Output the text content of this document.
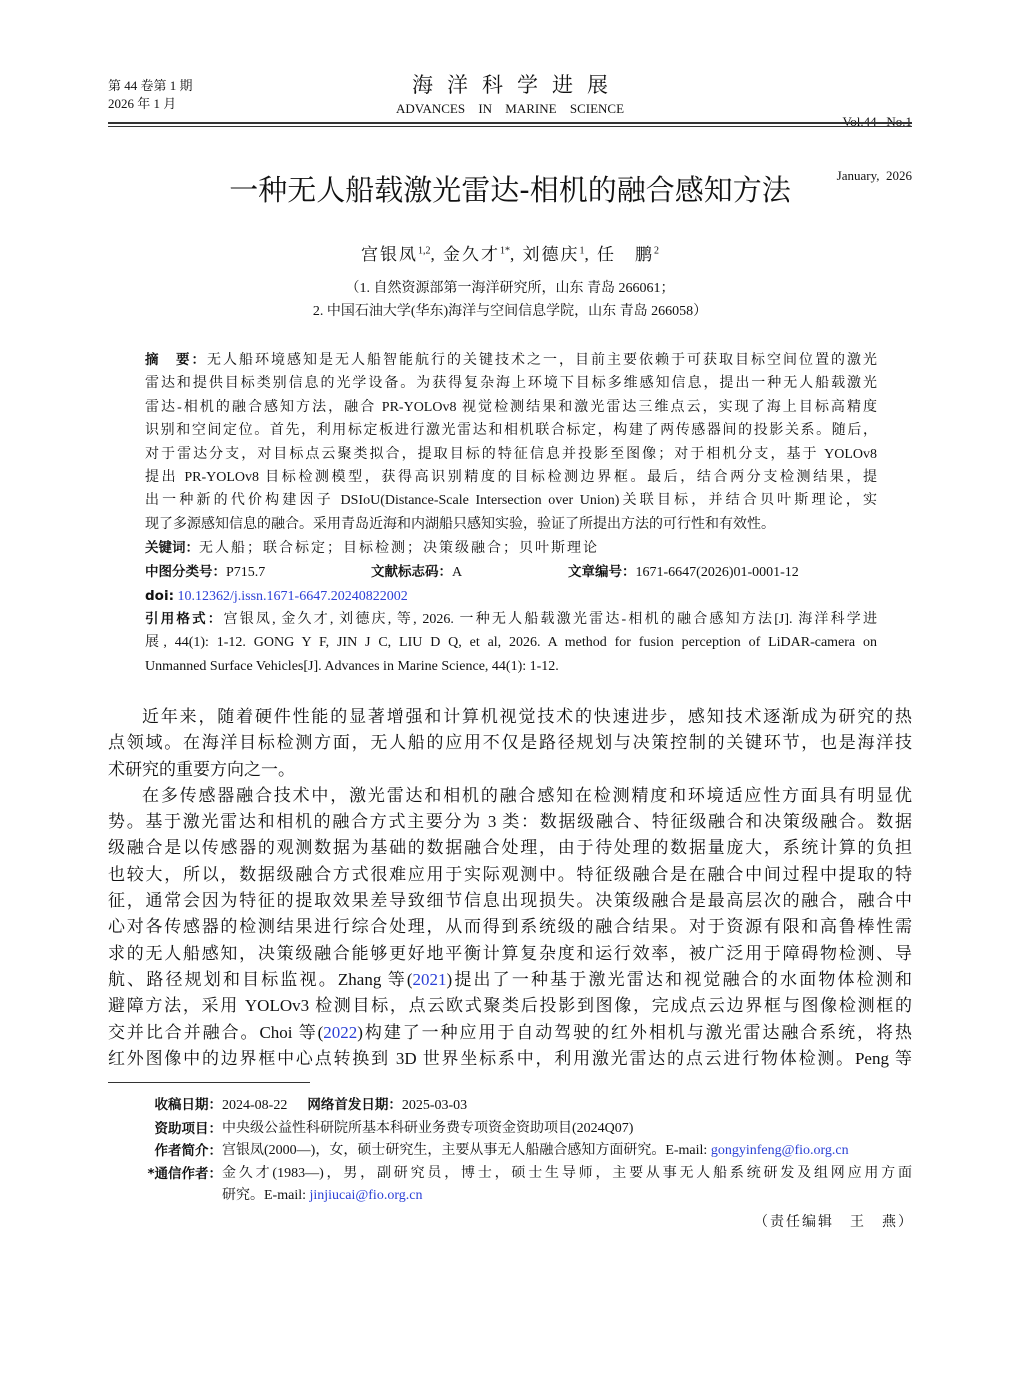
第 44 卷第 1 期
2026 年 1 月
海洋科学进展
ADVANCES IN MARINE SCIENCE

Vol.44   No.1

January,  2026

一种无人船载激光雷达-相机的融合感知方法
宫银凤$^{1,2}$, 金久才$^{1*}$, 刘德庆$^1$, 任　鹏$^2$
（1. 自然资源部第一海洋研究所，山东 青岛 266061；
2. 中国石油大学(华东)海洋与空间信息学院，山东 青岛 266058）
摘　要：无人船环境感知是无人船智能航行的关键技术之一，目前主要依赖于可获取目标空间位置的激光
雷达和提供目标类别信息的光学设备。为获得复杂海上环境下目标多维感知信息，提出一种无人船载激光
雷达-相机的融合感知方法，融合 PR-YOLOv8 视觉检测结果和激光雷达三维点云，实现了海上目标高精度
识别和空间定位。首先，利用标定板进行激光雷达和相机联合标定，构建了两传感器间的投影关系。随后，
对于雷达分支，对目标点云聚类拟合，提取目标的特征信息并投影至图像；对于相机分支，基于 YOLOv8
提出 PR-YOLOv8 目标检测模型，获得高识别精度的目标检测边界框。最后，结合两分支检测结果，提
出一种新的代价构建因子 DSIoU(Distance-Scale Intersection over Union)关联目标，并结合贝叶斯理论，实
现了多源感知信息的融合。采用青岛近海和内湖船只感知实验，验证了所提出方法的可行性和有效性。
关键词：无人船；联合标定；目标检测；决策级融合；贝叶斯理论
中图分类号：P715.7	文献标志码：A	文章编号：1671-6647(2026)01-0001-12
doi: 10.12362/j.issn.1671-6647.20240822002
引用格式：宫银凤, 金久才, 刘德庆, 等, 2026. 一种无人船载激光雷达-相机的融合感知方法[J]. 海洋科学进
展, 44(1): 1-12. GONG Y F, JIN J C, LIU D Q, et al, 2026. A method for fusion perception of LiDAR-camera on
Unmanned Surface Vehicles[J]. Advances in Marine Science, 44(1): 1-12.
近年来，随着硬件性能的显著增强和计算机视觉技术的快速进步，感知技术逐渐成为研究的热
点领域。在海洋目标检测方面，无人船的应用不仅是路径规划与决策控制的关键环节，也是海洋技
术研究的重要方向之一。
在多传感器融合技术中，激光雷达和相机的融合感知在检测精度和环境适应性方面具有明显优
势。基于激光雷达和相机的融合方式主要分为 3 类：数据级融合、特征级融合和决策级融合。数据
级融合是以传感器的观测数据为基础的数据融合处理，由于待处理的数据量庞大，系统计算的负担
也较大，所以，数据级融合方式很难应用于实际观测中。特征级融合是在融合中间过程中提取的特
征，通常会因为特征的提取效果差导致细节信息出现损失。决策级融合是最高层次的融合，融合中
心对各传感器的检测结果进行综合处理，从而得到系统级的融合结果。对于资源有限和高鲁棒性需
求的无人船感知，决策级融合能够更好地平衡计算复杂度和运行效率，被广泛用于障碍物检测、导
航、路径规划和目标监视。Zhang 等(2021)提出了一种基于激光雷达和视觉融合的水面物体检测和
避障方法，采用 YOLOv3 检测目标，点云欧式聚类后投影到图像，完成点云边界框与图像检测框的
交并比合并融合。Choi 等(2022)构建了一种应用于自动驾驶的红外相机与激光雷达融合系统，将热
红外图像中的边界框中心点转换到 3D 世界坐标系中，利用激光雷达的点云进行物体检测。Peng 等
收稿日期： 2024-08-22 网络首发日期：2025-03-03
资助项目： 中央级公益性科研院所基本科研业务费专项资金资助项目(2024Q07)
作者简介： 宫银凤(2000—)，女，硕士研究生，主要从事无人船融合感知方面研究。E-mail: gongyinfeng@fio.org.cn
*通信作者： 金久才(1983—)，男，副研究员，博士，硕士生导师，主要从事无人船系统研发及组网应用方面
研究。E-mail: jinjiucai@fio.org.cn
（责任编辑　王　燕）
